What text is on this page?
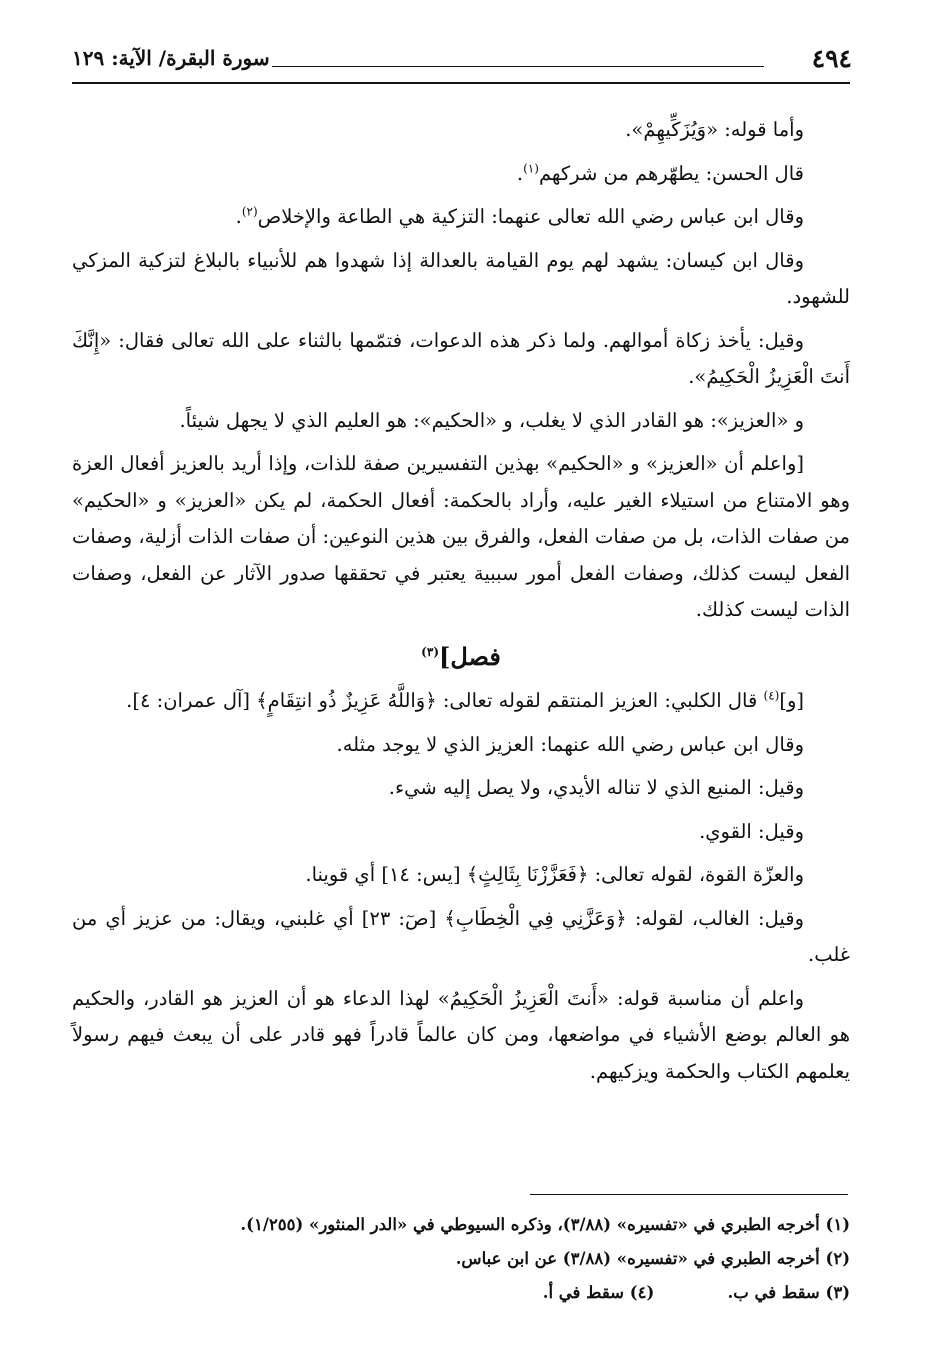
٤٩٤
سورة البقرة/ الآية: ١٢٩

وأما قوله: «وَيُزَكِّيهِمْ».

قال الحسن: يطهّرهم من شركهم$^{(١)}$.

وقال ابن عباس رضي الله تعالى عنهما: التزكية هي الطاعة والإخلاص$^{(٢)}$.

وقال ابن كيسان: يشهد لهم يوم القيامة بالعدالة إذا شهدوا هم للأنبياء بالبلاغ لتزكية المزكي للشهود.

وقيل: يأخذ زكاة أموالهم. ولما ذكر هذه الدعوات، فتمّمها بالثناء على الله تعالى فقال: «إِنَّكَ أَنتَ الْعَزِيزُ الْحَكِيمُ».

و «العزيز»: هو القادر الذي لا يغلب، و «الحكيم»: هو العليم الذي لا يجهل شيئاً.

[واعلم أن «العزيز» و «الحكيم» بهذين التفسيرين صفة للذات، وإذا أريد بالعزيز أفعال العزة وهو الامتناع من استيلاء الغير عليه، وأراد بالحكمة: أفعال الحكمة، لم يكن «العزيز» و «الحكيم» من صفات الذات، بل من صفات الفعل، والفرق بين هذين النوعين: أن صفات الذات أزلية، وصفات الفعل ليست كذلك، وصفات الفعل أمور سببية يعتبر في تحققها صدور الآثار عن الفعل، وصفات الذات ليست كذلك.

فصل]$^{(٣)}$

[و]$^{(٤)}$ قال الكلبي: العزيز المنتقم لقوله تعالى: ﴿وَاللَّهُ عَزِيزٌ ذُو انتِقَامٍ﴾ [آل عمران: ٤].

وقال ابن عباس رضي الله عنهما: العزيز الذي لا يوجد مثله.

وقيل: المنيع الذي لا تناله الأيدي، ولا يصل إليه شيء.

وقيل: القوي.

والعزّة القوة، لقوله تعالى: ﴿فَعَزَّزْنَا بِثَالِثٍ﴾ [يس: ١٤] أي قوينا.

وقيل: الغالب، لقوله: ﴿وَعَزَّنِي فِي الْخِطَابِ﴾ [صٓ: ٢٣] أي غلبني، ويقال: من عزيز أي من غلب.

واعلم أن مناسبة قوله: «أَنتَ الْعَزِيزُ الْحَكِيمُ» لهذا الدعاء هو أن العزيز هو القادر، والحكيم هو العالم بوضع الأشياء في مواضعها، ومن كان عالماً قادراً فهو قادر على أن يبعث فيهم رسولاً يعلمهم الكتاب والحكمة ويزكيهم.

(١) أخرجه الطبري في «تفسيره» (٣/٨٨)، وذكره السيوطي في «الدر المنثور» (١/٢٥٥).

(٢) أخرجه الطبري في «تفسيره» (٣/٨٨) عن ابن عباس.

(٣) سقط في ب. (٤) سقط في أ.
